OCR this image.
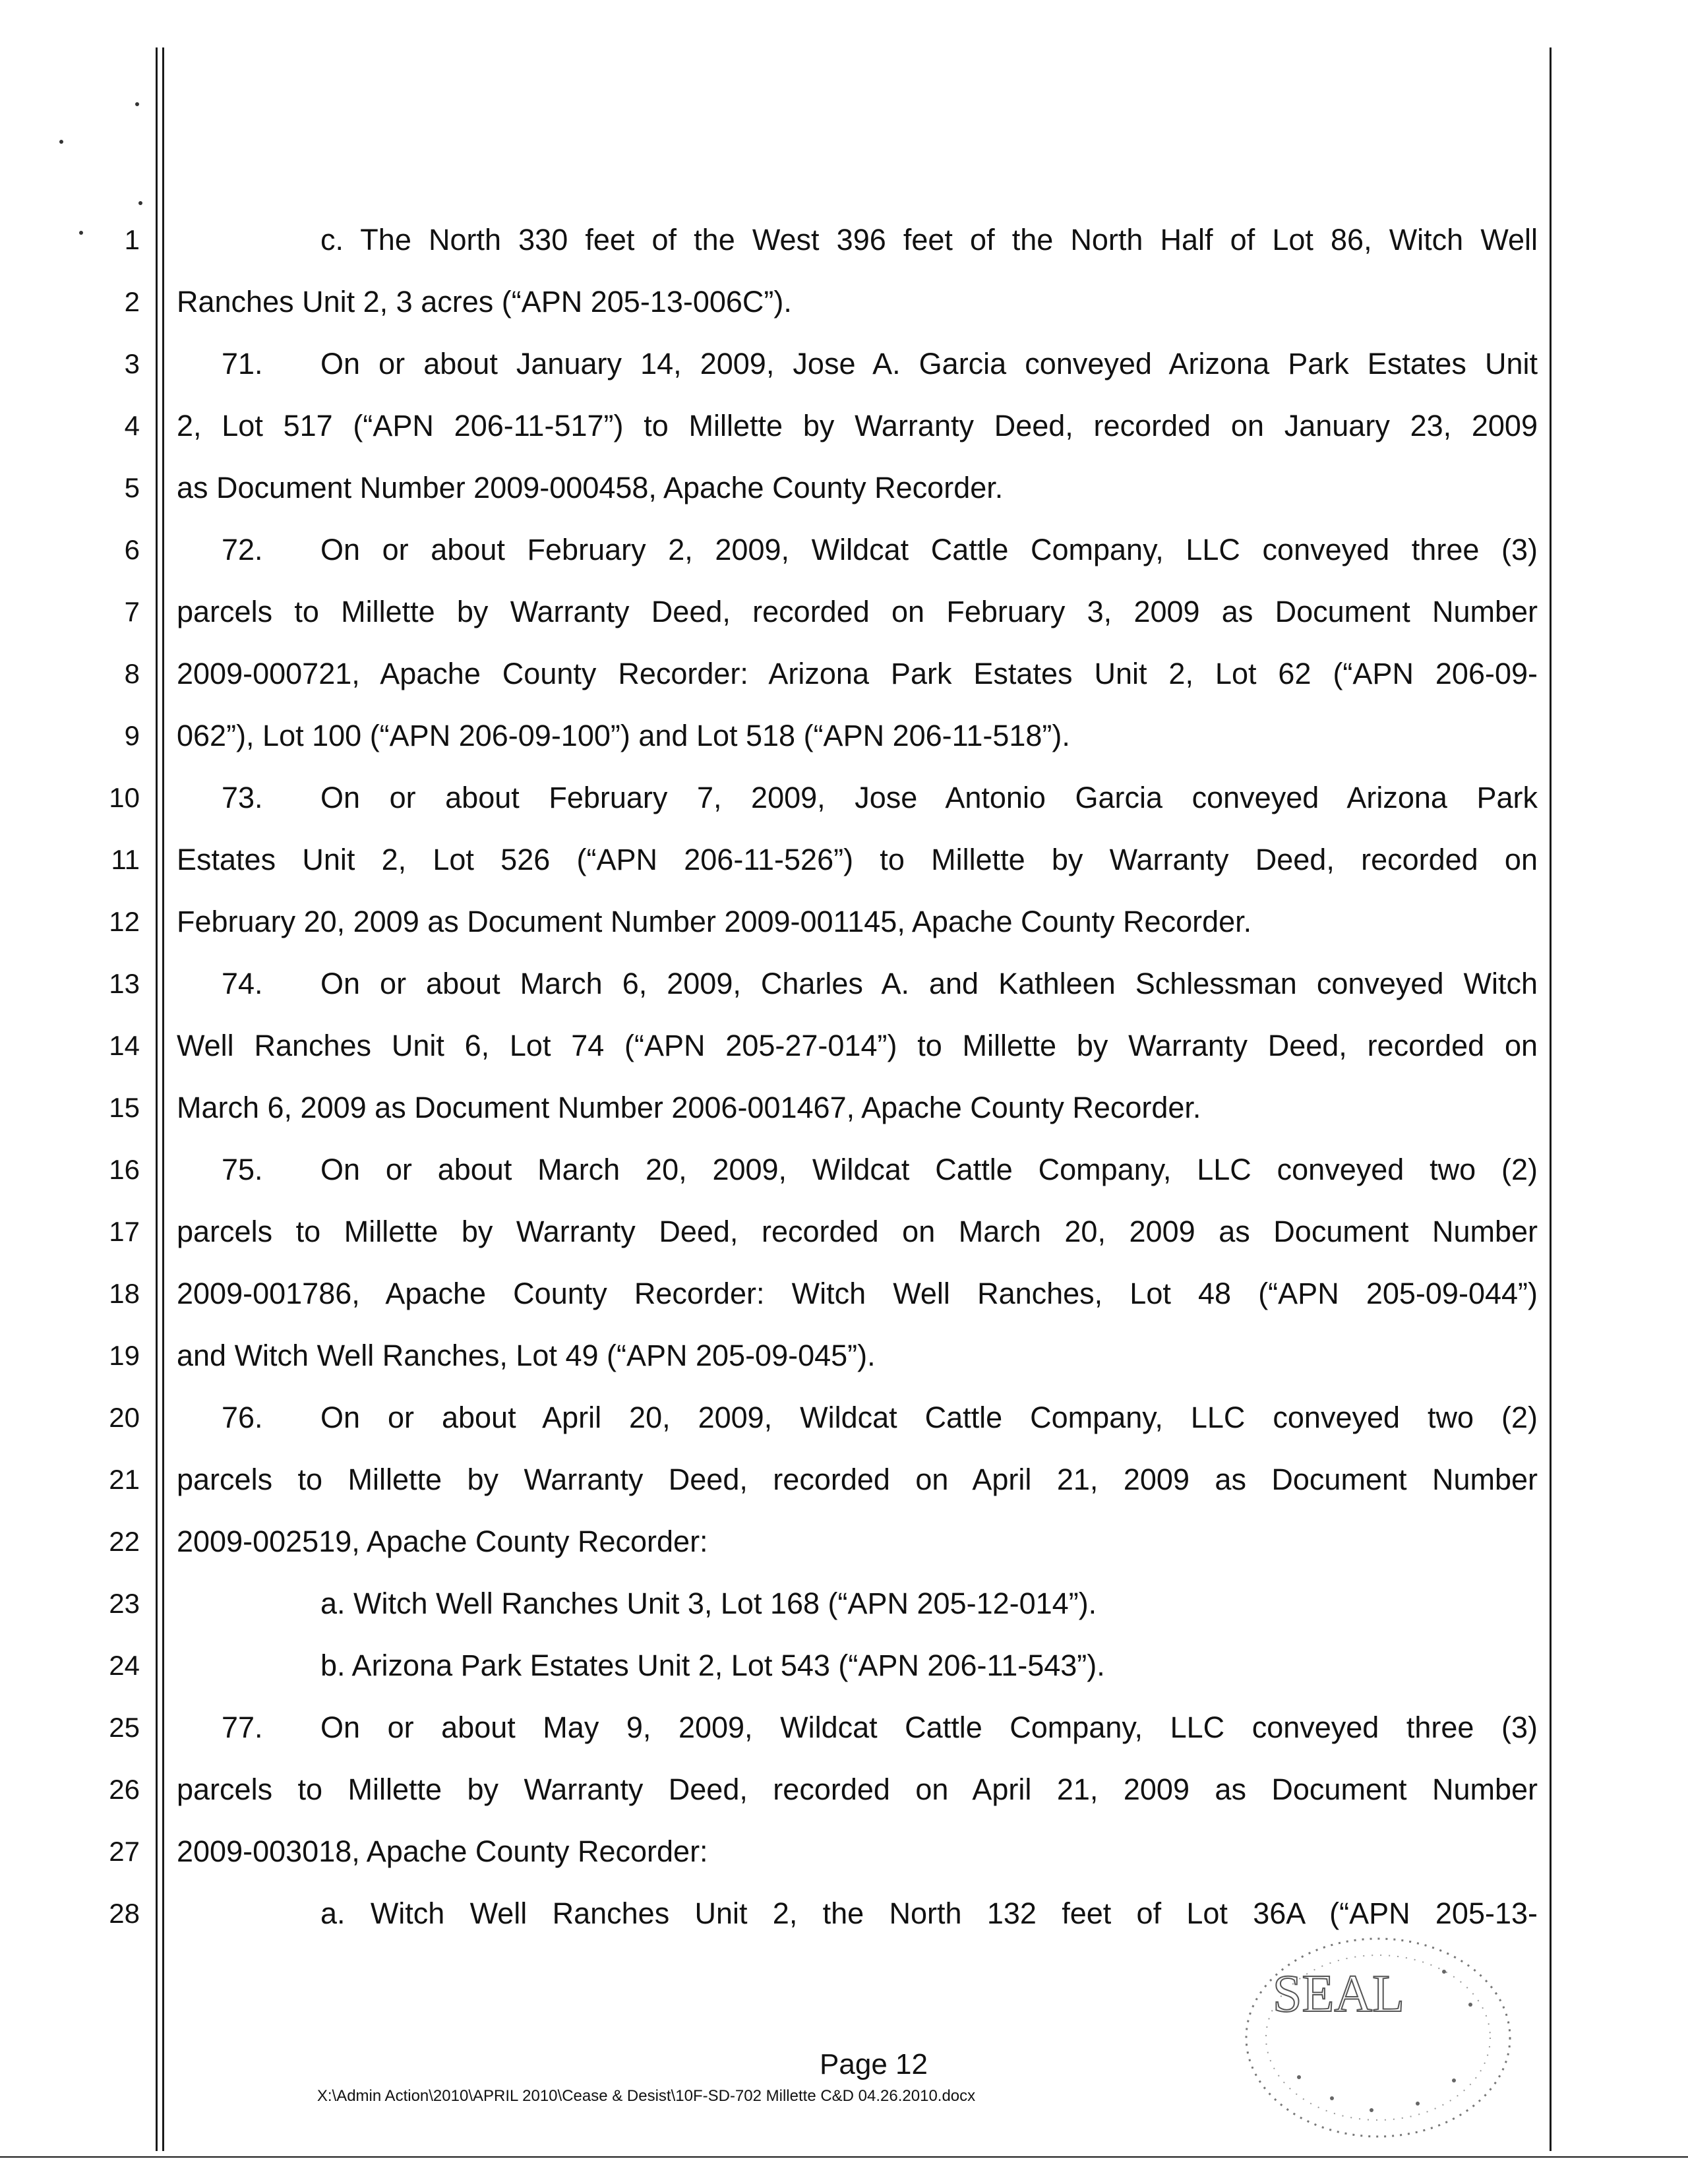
1
2
3
4
5
6
7
8
9
10
11
12
13
14
15
16
17
18
19
20
21
22
23
24
25
26
27
28
c. The North 330 feet of the West 396 feet of the North Half of Lot 86, Witch Well
Ranches Unit 2, 3 acres (“APN 205-13-006C”).
71. On or about January 14, 2009, Jose A. Garcia conveyed Arizona Park Estates Unit
2, Lot 517 (“APN 206-11-517”) to Millette by Warranty Deed, recorded on January 23, 2009
as Document Number 2009-000458, Apache County Recorder.
72. On or about February 2, 2009, Wildcat Cattle Company, LLC conveyed three (3)
parcels to Millette by Warranty Deed, recorded on February 3, 2009 as Document Number
2009-000721, Apache County Recorder: Arizona Park Estates Unit 2, Lot 62 (“APN 206-09-
062”), Lot 100 (“APN 206-09-100”) and Lot 518 (“APN 206-11-518”).
73. On or about February 7, 2009, Jose Antonio Garcia conveyed Arizona Park
Estates Unit 2, Lot 526 (“APN 206-11-526”) to Millette by Warranty Deed, recorded on
February 20, 2009 as Document Number 2009-001145, Apache County Recorder.
74. On or about March 6, 2009, Charles A. and Kathleen Schlessman conveyed Witch
Well Ranches Unit 6, Lot 74 (“APN 205-27-014”) to Millette by Warranty Deed, recorded on
March 6, 2009 as Document Number 2006-001467, Apache County Recorder.
75. On or about March 20, 2009, Wildcat Cattle Company, LLC conveyed two (2)
parcels to Millette by Warranty Deed, recorded on March 20, 2009 as Document Number
2009-001786, Apache County Recorder: Witch Well Ranches, Lot 48 (“APN 205-09-044”)
and Witch Well Ranches, Lot 49 (“APN 205-09-045”).
76. On or about April 20, 2009, Wildcat Cattle Company, LLC conveyed two (2)
parcels to Millette by Warranty Deed, recorded on April 21, 2009 as Document Number
2009-002519, Apache County Recorder:
a. Witch Well Ranches Unit 3, Lot 168 (“APN 205-12-014”).
b. Arizona Park Estates Unit 2, Lot 543 (“APN 206-11-543”).
77. On or about May 9, 2009, Wildcat Cattle Company, LLC conveyed three (3)
parcels to Millette by Warranty Deed, recorded on April 21, 2009 as Document Number
2009-003018, Apache County Recorder:
a. Witch Well Ranches Unit 2, the North 132 feet of Lot 36A (“APN 205-13-
SEAL
Page 12
X:\Admin Action\2010\APRIL 2010\Cease & Desist\10F-SD-702 Millette C&D 04.26.2010.docx
